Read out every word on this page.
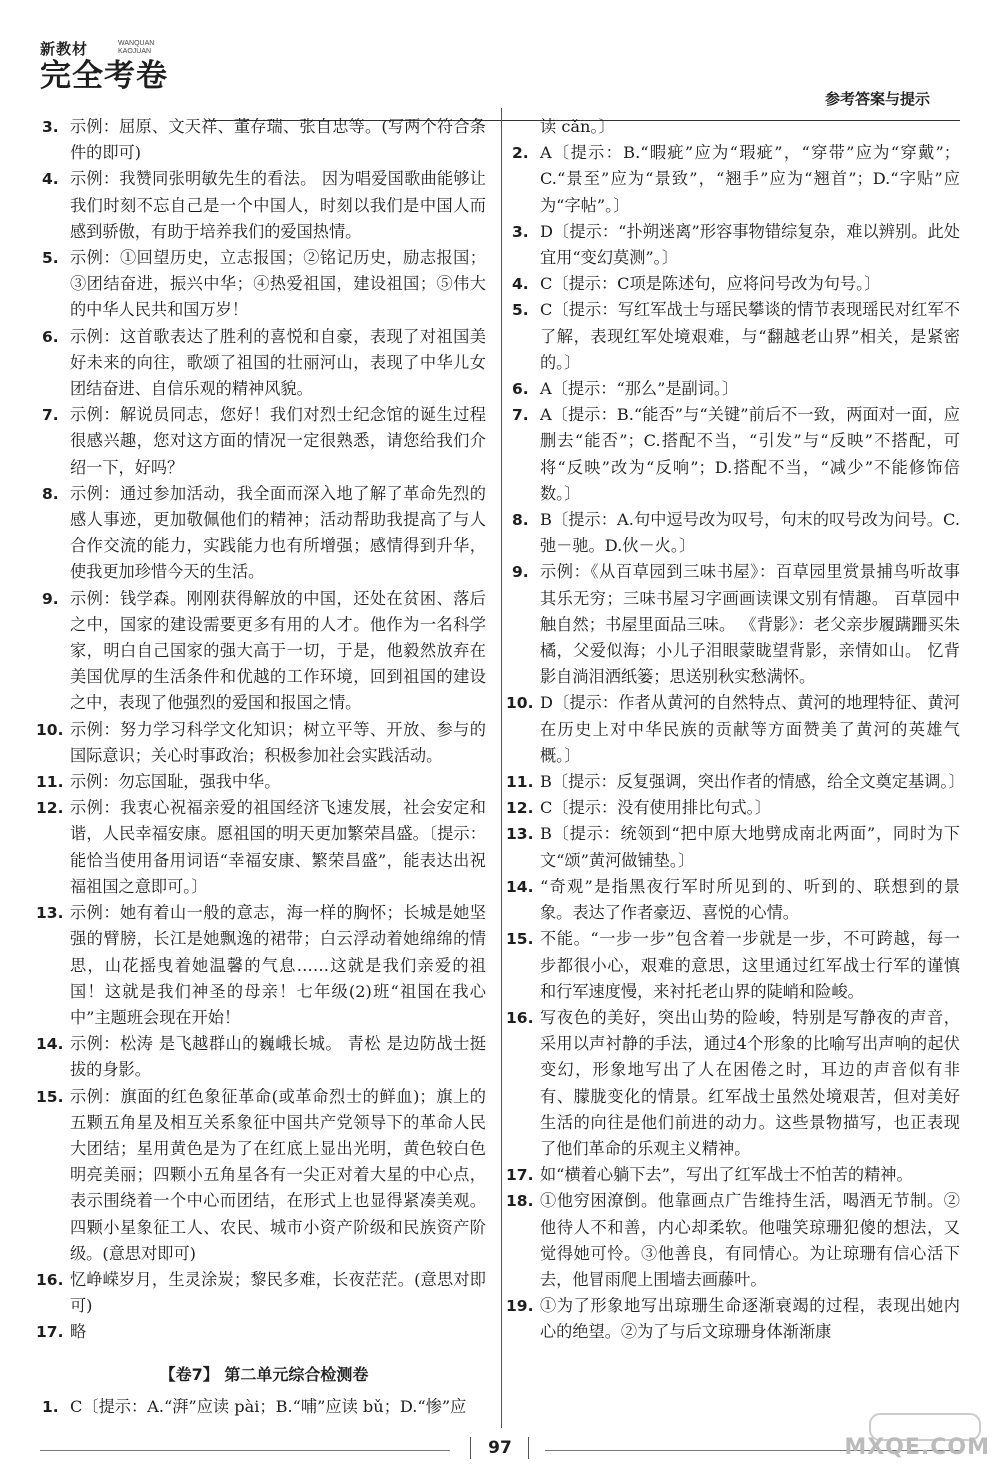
新教材	WANQUAN
KAOJUAN
完全考卷
参考答案与提示
3. 示例：屈原、文天祥、董存瑞、张自忠等。(写两个符合条件的即可)
4. 示例：我赞同张明敏先生的看法。 因为唱爱国歌曲能够让我们时刻不忘自己是一个中国人，时刻以我们是中国人而感到骄傲，有助于培养我们的爱国热情。
5. 示例：①回望历史，立志报国；②铭记历史，励志报国；③团结奋进，振兴中华；④热爱祖国，建设祖国；⑤伟大的中华人民共和国万岁！
6. 示例：这首歌表达了胜利的喜悦和自豪，表现了对祖国美好未来的向往，歌颂了祖国的壮丽河山，表现了中华儿女团结奋进、自信乐观的精神风貌。
7. 示例：解说员同志，您好！我们对烈士纪念馆的诞生过程很感兴趣，您对这方面的情况一定很熟悉，请您给我们介绍一下，好吗？
8. 示例：通过参加活动，我全面而深入地了解了革命先烈的感人事迹，更加敬佩他们的精神；活动帮助我提高了与人合作交流的能力，实践能力也有所增强；感情得到升华，使我更加珍惜今天的生活。
9. 示例：钱学森。刚刚获得解放的中国，还处在贫困、落后之中，国家的建设需要更多有用的人才。他作为一名科学家，明白自己国家的强大高于一切，于是，他毅然放弃在美国优厚的生活条件和优越的工作环境，回到祖国的建设之中，表现了他强烈的爱国和报国之情。
10. 示例：努力学习科学文化知识；树立平等、开放、参与的国际意识；关心时事政治；积极参加社会实践活动。
11. 示例：勿忘国耻，强我中华。
12. 示例：我衷心祝福亲爱的祖国经济飞速发展，社会安定和谐，人民幸福安康。愿祖国的明天更加繁荣昌盛。〔提示：能恰当使用备用词语“幸福安康、繁荣昌盛”，能表达出祝福祖国之意即可。〕
13. 示例：她有着山一般的意志，海一样的胸怀；长城是她坚强的臂膀，长江是她飘逸的裙带；白云浮动着她绵绵的情思，山花摇曳着她温馨的气息……这就是我们亲爱的祖国！这就是我们神圣的母亲！七年级(2)班“祖国在我心中”主题班会现在开始！
14. 示例：松涛 是飞越群山的巍峨长城。 青松 是边防战士挺拔的身影。
15. 示例：旗面的红色象征革命(或革命烈士的鲜血)；旗上的五颗五角星及相互关系象征中国共产党领导下的革命人民大团结；星用黄色是为了在红底上显出光明，黄色较白色明亮美丽；四颗小五角星各有一尖正对着大星的中心点，表示围绕着一个中心而团结，在形式上也显得紧凑美观。四颗小星象征工人、农民、城市小资产阶级和民族资产阶级。(意思对即可)
16. 忆峥嵘岁月，生灵涂炭；黎民多难，长夜茫茫。(意思对即可)
17. 略
【卷7】 第二单元综合检测卷
1. C〔提示：A.“湃”应读 pài；B.“哺”应读 bǔ；D.“惨”应
读 cǎn。〕
2. A〔提示：B.“暇疵”应为“瑕疵”，“穿带”应为“穿戴”；C.“景至”应为“景致”，“翘手”应为“翘首”；D.“字贴”应为“字帖”。〕
3. D〔提示：“扑朔迷离”形容事物错综复杂，难以辨别。此处宜用“变幻莫测”。〕
4. C〔提示：C项是陈述句，应将问号改为句号。〕
5. C〔提示：写红军战士与瑶民攀谈的情节表现瑶民对红军不了解，表现红军处境艰难，与“翻越老山界”相关，是紧密的。〕
6. A〔提示：“那么”是副词。〕
7. A〔提示：B.“能否”与“关键”前后不一致，两面对一面，应删去“能否”；C.搭配不当，“引发”与“反映”不搭配，可将“反映”改为“反响”；D.搭配不当，“减少”不能修饰倍数。〕
8. B〔提示：A.句中逗号改为叹号，句末的叹号改为问号。C.弛－驰。D.伙－火。〕
9. 示例：《从百草园到三味书屋》：百草园里赏景捕鸟听故事其乐无穷；三味书屋习字画画读课文别有情趣。 百草园中触自然；书屋里面品三味。 《背影》：老父亲步履蹒跚买朱橘，父爱似海；小儿子泪眼蒙眬望背影，亲情如山。 忆背影自淌泪洒纸篓；思送别秋实愁满怀。
10. D〔提示：作者从黄河的自然特点、黄河的地理特征、黄河在历史上对中华民族的贡献等方面赞美了黄河的英雄气概。〕
11. B〔提示：反复强调，突出作者的情感，给全文奠定基调。〕
12. C〔提示：没有使用排比句式。〕
13. B〔提示：统领到“把中原大地劈成南北两面”，同时为下文“颂”黄河做铺垫。〕
14. “奇观”是指黑夜行军时所见到的、听到的、联想到的景象。表达了作者豪迈、喜悦的心情。
15. 不能。“一步一步”包含着一步就是一步，不可跨越，每一步都很小心，艰难的意思，这里通过红军战士行军的谨慎和行军速度慢，来衬托老山界的陡峭和险峻。
16. 写夜色的美好，突出山势的险峻，特别是写静夜的声音，采用以声衬静的手法，通过4个形象的比喻写出声响的起伏变幻，形象地写出了人在困倦之时，耳边的声音似有非有、朦胧变化的情景。红军战士虽然处境艰苦，但对美好生活的向往是他们前进的动力。这些景物描写，也正表现了他们革命的乐观主义精神。
17. 如“横着心躺下去”，写出了红军战士不怕苦的精神。
18. ①他穷困潦倒。他靠画点广告维持生活，喝酒无节制。②他待人不和善，内心却柔软。他嗤笑琼珊犯傻的想法，又觉得她可怜。③他善良，有同情心。为让琼珊有信心活下去，他冒雨爬上围墙去画藤叶。
19. ①为了形象地写出琼珊生命逐渐衰竭的过程，表现出她内心的绝望。②为了与后文琼珊身体渐渐康
97	MXQE.COM
